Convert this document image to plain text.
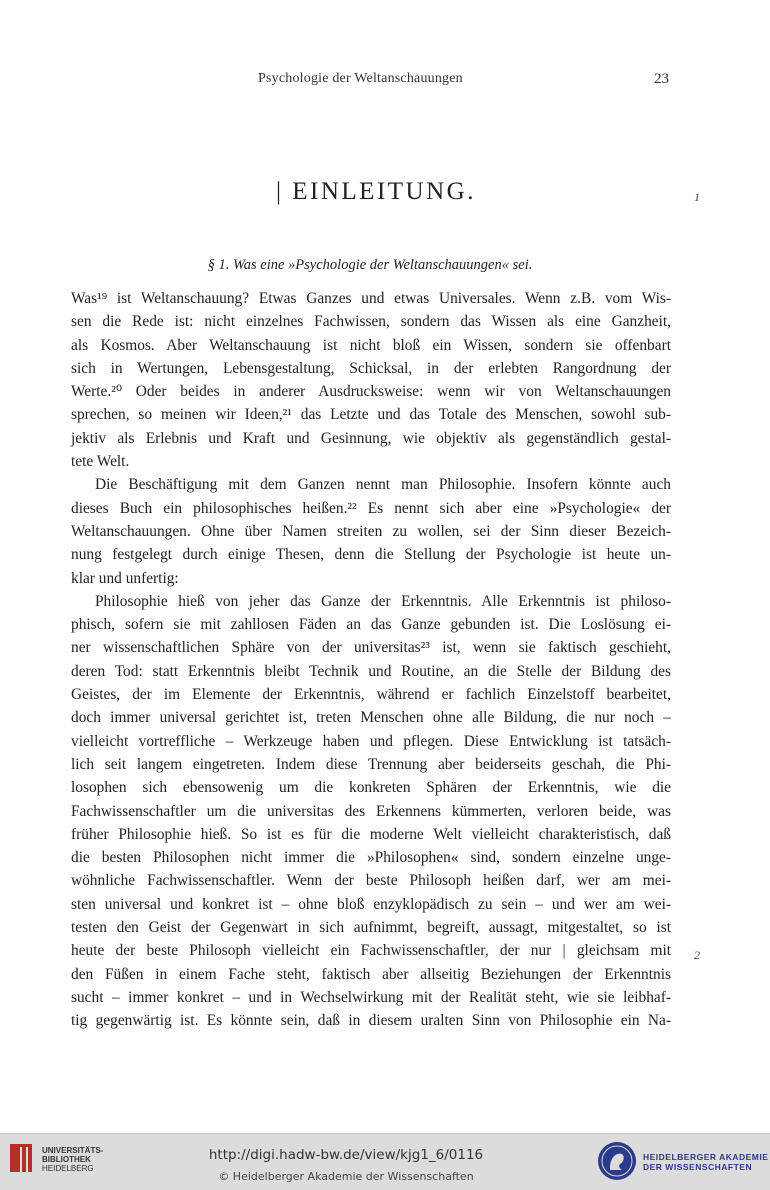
Psychologie der Weltanschauungen	23
| EINLEITUNG.	1
2
§ 1. Was eine »Psychologie der Weltanschauungen« sei.
Was¹⁹ ist Weltanschauung? Etwas Ganzes und etwas Universales. Wenn z.B. vom Wis-
sen die Rede ist: nicht einzelnes Fachwissen, sondern das Wissen als eine Ganzheit,
als Kosmos. Aber Weltanschauung ist nicht bloß ein Wissen, sondern sie offenbart
sich in Wertungen, Lebensgestaltung, Schicksal, in der erlebten Rangordnung der
Werte.²⁰ Oder beides in anderer Ausdrucksweise: wenn wir von Weltanschauungen
sprechen, so meinen wir Ideen,²¹ das Letzte und das Totale des Menschen, sowohl sub-
jektiv als Erlebnis und Kraft und Gesinnung, wie objektiv als gegenständlich gestal-
tete Welt.
Die Beschäftigung mit dem Ganzen nennt man Philosophie. Insofern könnte auch
dieses Buch ein philosophisches heißen.²² Es nennt sich aber eine »Psychologie« der
Weltanschauungen. Ohne über Namen streiten zu wollen, sei der Sinn dieser Bezeich-
nung festgelegt durch einige Thesen, denn die Stellung der Psychologie ist heute un-
klar und unfertig:
Philosophie hieß von jeher das Ganze der Erkenntnis. Alle Erkenntnis ist philoso-
phisch, sofern sie mit zahllosen Fäden an das Ganze gebunden ist. Die Loslösung ei-
ner wissenschaftlichen Sphäre von der universitas²³ ist, wenn sie faktisch geschieht,
deren Tod: statt Erkenntnis bleibt Technik und Routine, an die Stelle der Bildung des
Geistes, der im Elemente der Erkenntnis, während er fachlich Einzelstoff bearbeitet,
doch immer universal gerichtet ist, treten Menschen ohne alle Bildung, die nur noch –
vielleicht vortreffliche – Werkzeuge haben und pflegen. Diese Entwicklung ist tatsäch-
lich seit langem eingetreten. Indem diese Trennung aber beiderseits geschah, die Phi-
losophen sich ebensowenig um die konkreten Sphären der Erkenntnis, wie die
Fachwissenschaftler um die universitas des Erkennens kümmerten, verloren beide, was
früher Philosophie hieß. So ist es für die moderne Welt vielleicht charakteristisch, daß
die besten Philosophen nicht immer die »Philosophen« sind, sondern einzelne unge-
wöhnliche Fachwissenschaftler. Wenn der beste Philosoph heißen darf, wer am mei-
sten universal und konkret ist – ohne bloß enzyklopädisch zu sein – und wer am wei-
testen den Geist der Gegenwart in sich aufnimmt, begreift, aussagt, mitgestaltet, so ist
heute der beste Philosoph vielleicht ein Fachwissenschaftler, der nur | gleichsam mit
den Füßen in einem Fache steht, faktisch aber allseitig Beziehungen der Erkenntnis
sucht – immer konkret – und in Wechselwirkung mit der Realität steht, wie sie leibhaf-
tig gegenwärtig ist. Es könnte sein, daß in diesem uralten Sinn von Philosophie ein Na-
UNIVERSITÄTS-
BIBLIOTHEK
HEIDELBERG
http://digi.hadw-bw.de/view/kjg1_6/0116
© Heidelberger Akademie der Wissenschaften
HEIDELBERGER AKADEMIE
DER WISSENSCHAFTEN
